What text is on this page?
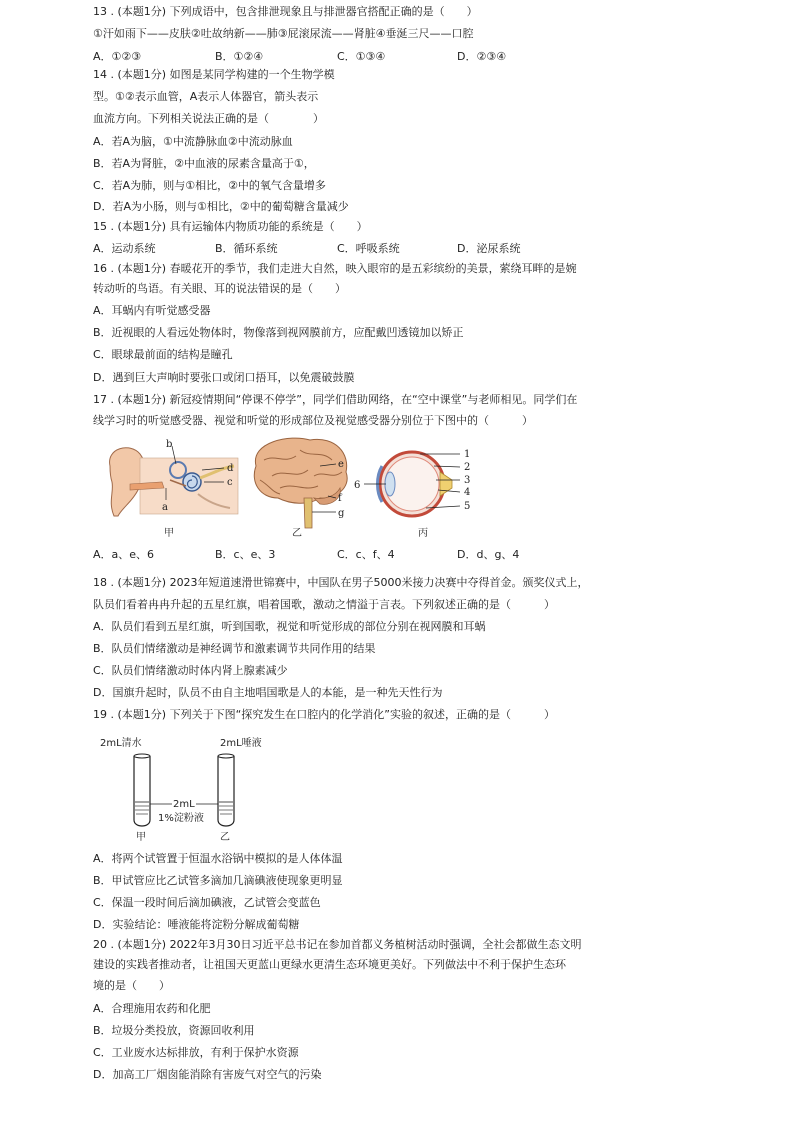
13 . (本题1分) 下列成语中，包含排泄现象且与排泄器官搭配正确的是（　　）
①汗如雨下——皮肤②吐故纳新——肺③屁滚尿流——肾脏④垂涎三尺——口腔
A．①②③	B．①②④	C．①③④	D．②③④
14 . (本题1分) 如图是某同学构建的一个生物学模
型。①②表示血管，A表示人体器官，箭头表示
血流方向。下列相关说法正确的是（　　　　）
A．若A为脑，①中流静脉血②中流动脉血
B．若A为肾脏，②中血液的尿素含量高于①，
C．若A为肺，则与①相比，②中的氧气含量增多
D．若A为小肠，则与①相比，②中的葡萄糖含量减少
15 . (本题1分) 具有运输体内物质功能的系统是（　　）
A．运动系统	B．循环系统	C．呼吸系统	D．泌尿系统
16 . (本题1分) 春暖花开的季节，我们走进大自然，映入眼帘的是五彩缤纷的美景，萦绕耳畔的是婉
转动听的鸟语。有关眼、耳的说法错误的是（　　）
A．耳蜗内有听觉感受器
B．近视眼的人看远处物体时，物像落到视网膜前方，应配戴凹透镜加以矫正
C．眼球最前面的结构是瞳孔
D．遇到巨大声响时要张口或闭口捂耳，以免震破鼓膜
17 . (本题1分) 新冠疫情期间“停课不停学”，同学们借助网络，在“空中课堂”与老师相见。同学们在
线学习时的听觉感受器、视觉和听觉的形成部位及视觉感受器分别位于下图中的（　　　）
b
d
c
a
e
f
g
1
2
3
4
5
6
甲	乙	丙
A．a、e、6	B．c、e、3	C．c、f、4	D．d、g、4
18 . (本题1分) 2023年短道速滑世锦赛中，中国队在男子5000米接力决赛中夺得首金。颁奖仪式上，
队员们看着冉冉升起的五星红旗，唱着国歌，激动之情溢于言表。下列叙述正确的是（　　　）
A．队员们看到五星红旗，听到国歌，视觉和听觉形成的部位分别在视网膜和耳蜗
B．队员们情绪激动是神经调节和激素调节共同作用的结果
C．队员们情绪激动时体内肾上腺素减少
D．国旗升起时，队员不由自主地唱国歌是人的本能，是一种先天性行为
19 . (本题1分) 下列关于下图“探究发生在口腔内的化学消化”实验的叙述，正确的是（　　　）
2mL清水	2mL唾液
2mL
1%淀粉液
甲	乙
A．将两个试管置于恒温水浴锅中模拟的是人体体温
B．甲试管应比乙试管多滴加几滴碘液使现象更明显
C．保温一段时间后滴加碘液，乙试管会变蓝色
D．实验结论：唾液能将淀粉分解成葡萄糖
20 . (本题1分) 2022年3月30日习近平总书记在参加首都义务植树活动时强调，全社会都做生态文明
建设的实践者推动者，让祖国天更蓝山更绿水更清生态环境更美好。下列做法中不利于保护生态环
境的是（　　）
A．合理施用农药和化肥
B．垃圾分类投放，资源回收利用
C．工业废水达标排放，有利于保护水资源
D．加高工厂烟囱能消除有害废气对空气的污染
